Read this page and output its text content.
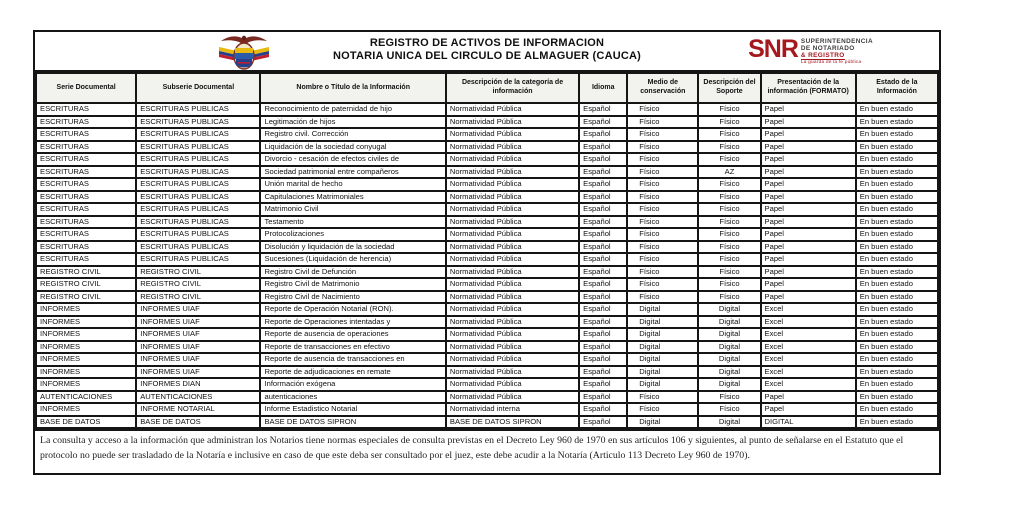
REGISTRO DE ACTIVOS DE INFORMACION
NOTARIA UNICA DEL CIRCULO DE ALMAGUER (CAUCA)	SNR SUPERINTENDENCIA
DE NOTARIADO
& REGISTRO
La guarda de la fe pública
Serie Documental	Subserie Documental	Nombre o Título de la Información	Descripción de la categoría de información	Idioma	Medio de conservación	Descripción del Soporte	Presentación de la información (FORMATO)	Estado de la Información
ESCRITURAS	ESCRITURAS PUBLICAS	Reconocimiento de paternidad de hijo	Normatividad Pública	Español	Físico	Físico	Papel	En buen estado
ESCRITURAS	ESCRITURAS PUBLICAS	Legitimación de hijos	Normatividad Pública	Español	Físico	Físico	Papel	En buen estado
ESCRITURAS	ESCRITURAS PUBLICAS	Registro civil. Corrección	Normatividad Pública	Español	Físico	Físico	Papel	En buen estado
ESCRITURAS	ESCRITURAS PUBLICAS	Liquidación de la sociedad conyugal	Normatividad Pública	Español	Físico	Físico	Papel	En buen estado
ESCRITURAS	ESCRITURAS PUBLICAS	Divorcio - cesación de efectos civiles de	Normatividad Pública	Español	Físico	Físico	Papel	En buen estado
ESCRITURAS	ESCRITURAS PUBLICAS	Sociedad patrimonial entre compañeros	Normatividad Pública	Español	Físico	AZ	Papel	En buen estado
ESCRITURAS	ESCRITURAS PUBLICAS	Unión marital de hecho	Normatividad Pública	Español	Físico	Físico	Papel	En buen estado
ESCRITURAS	ESCRITURAS PUBLICAS	Capitulaciones Matrimoniales	Normatividad Pública	Español	Físico	Físico	Papel	En buen estado
ESCRITURAS	ESCRITURAS PUBLICAS	Matrimonio Civil	Normatividad Pública	Español	Físico	Físico	Papel	En buen estado
ESCRITURAS	ESCRITURAS PUBLICAS	Testamento	Normatividad Pública	Español	Físico	Físico	Papel	En buen estado
ESCRITURAS	ESCRITURAS PUBLICAS	Protocolizaciones	Normatividad Pública	Español	Físico	Físico	Papel	En buen estado
ESCRITURAS	ESCRITURAS PUBLICAS	Disolución y liquidación de la sociedad	Normatividad Pública	Español	Físico	Físico	Papel	En buen estado
ESCRITURAS	ESCRITURAS PUBLICAS	Sucesiones (Liquidación de herencia)	Normatividad Pública	Español	Físico	Físico	Papel	En buen estado
REGISTRO CIVIL	REGISTRO CIVIL	Registro Civil de Defunción	Normatividad Pública	Español	Físico	Físico	Papel	En buen estado
REGISTRO CIVIL	REGISTRO CIVIL	Registro Civil de Matrimonio	Normatividad Pública	Español	Físico	Físico	Papel	En buen estado
REGISTRO CIVIL	REGISTRO CIVIL	Registro Civil de Nacimiento	Normatividad Pública	Español	Físico	Físico	Papel	En buen estado
INFORMES	INFORMES UIAF	Reporte de Operación Notarial (RON).	Normatividad Pública	Español	Digital	Digital	Excel	En buen estado
INFORMES	INFORMES UIAF	Reporte de Operaciones intentadas y	Normatividad Pública	Español	Digital	Digital	Excel	En buen estado
INFORMES	INFORMES UIAF	Reporte de ausencia de operaciones	Normatividad Pública	Español	Digital	Digital	Excel	En buen estado
INFORMES	INFORMES UIAF	Reporte de transacciones en efectivo	Normatividad Pública	Español	Digital	Digital	Excel	En buen estado
INFORMES	INFORMES UIAF	Reporte de ausencia de transacciones en	Normatividad Pública	Español	Digital	Digital	Excel	En buen estado
INFORMES	INFORMES UIAF	Reporte de adjudicaciones en remate	Normatividad Pública	Español	Digital	Digital	Excel	En buen estado
INFORMES	INFORMES DIAN	Información exógena	Normatividad Pública	Español	Digital	Digital	Excel	En buen estado
AUTENTICACIONES	AUTENTICACIONES	autenticaciones	Normatividad Pública	Español	Físico	Físico	Papel	En buen estado
INFORMES	INFORME NOTARIAL	Informe Estadistico Notarial	Normatividad interna	Español	Físico	Físico	Papel	En buen estado
BASE DE DATOS	BASE DE DATOS	BASE DE DATOS SIPRON	BASE DE DATOS SIPRON	Español	Digital	Digital	DIGITAL	En buen estado
La consulta y acceso a la información que administran los Notarios tiene normas especiales de consulta previstas en el Decreto Ley 960 de 1970 en sus artículos 106 y siguientes, al punto de señalarse en el Estatuto que el protocolo no puede ser trasladado de la Notaría e inclusive en caso de que este deba ser consultado por el juez, este debe acudir a la Notaría (Articulo 113 Decreto Ley 960 de 1970).
